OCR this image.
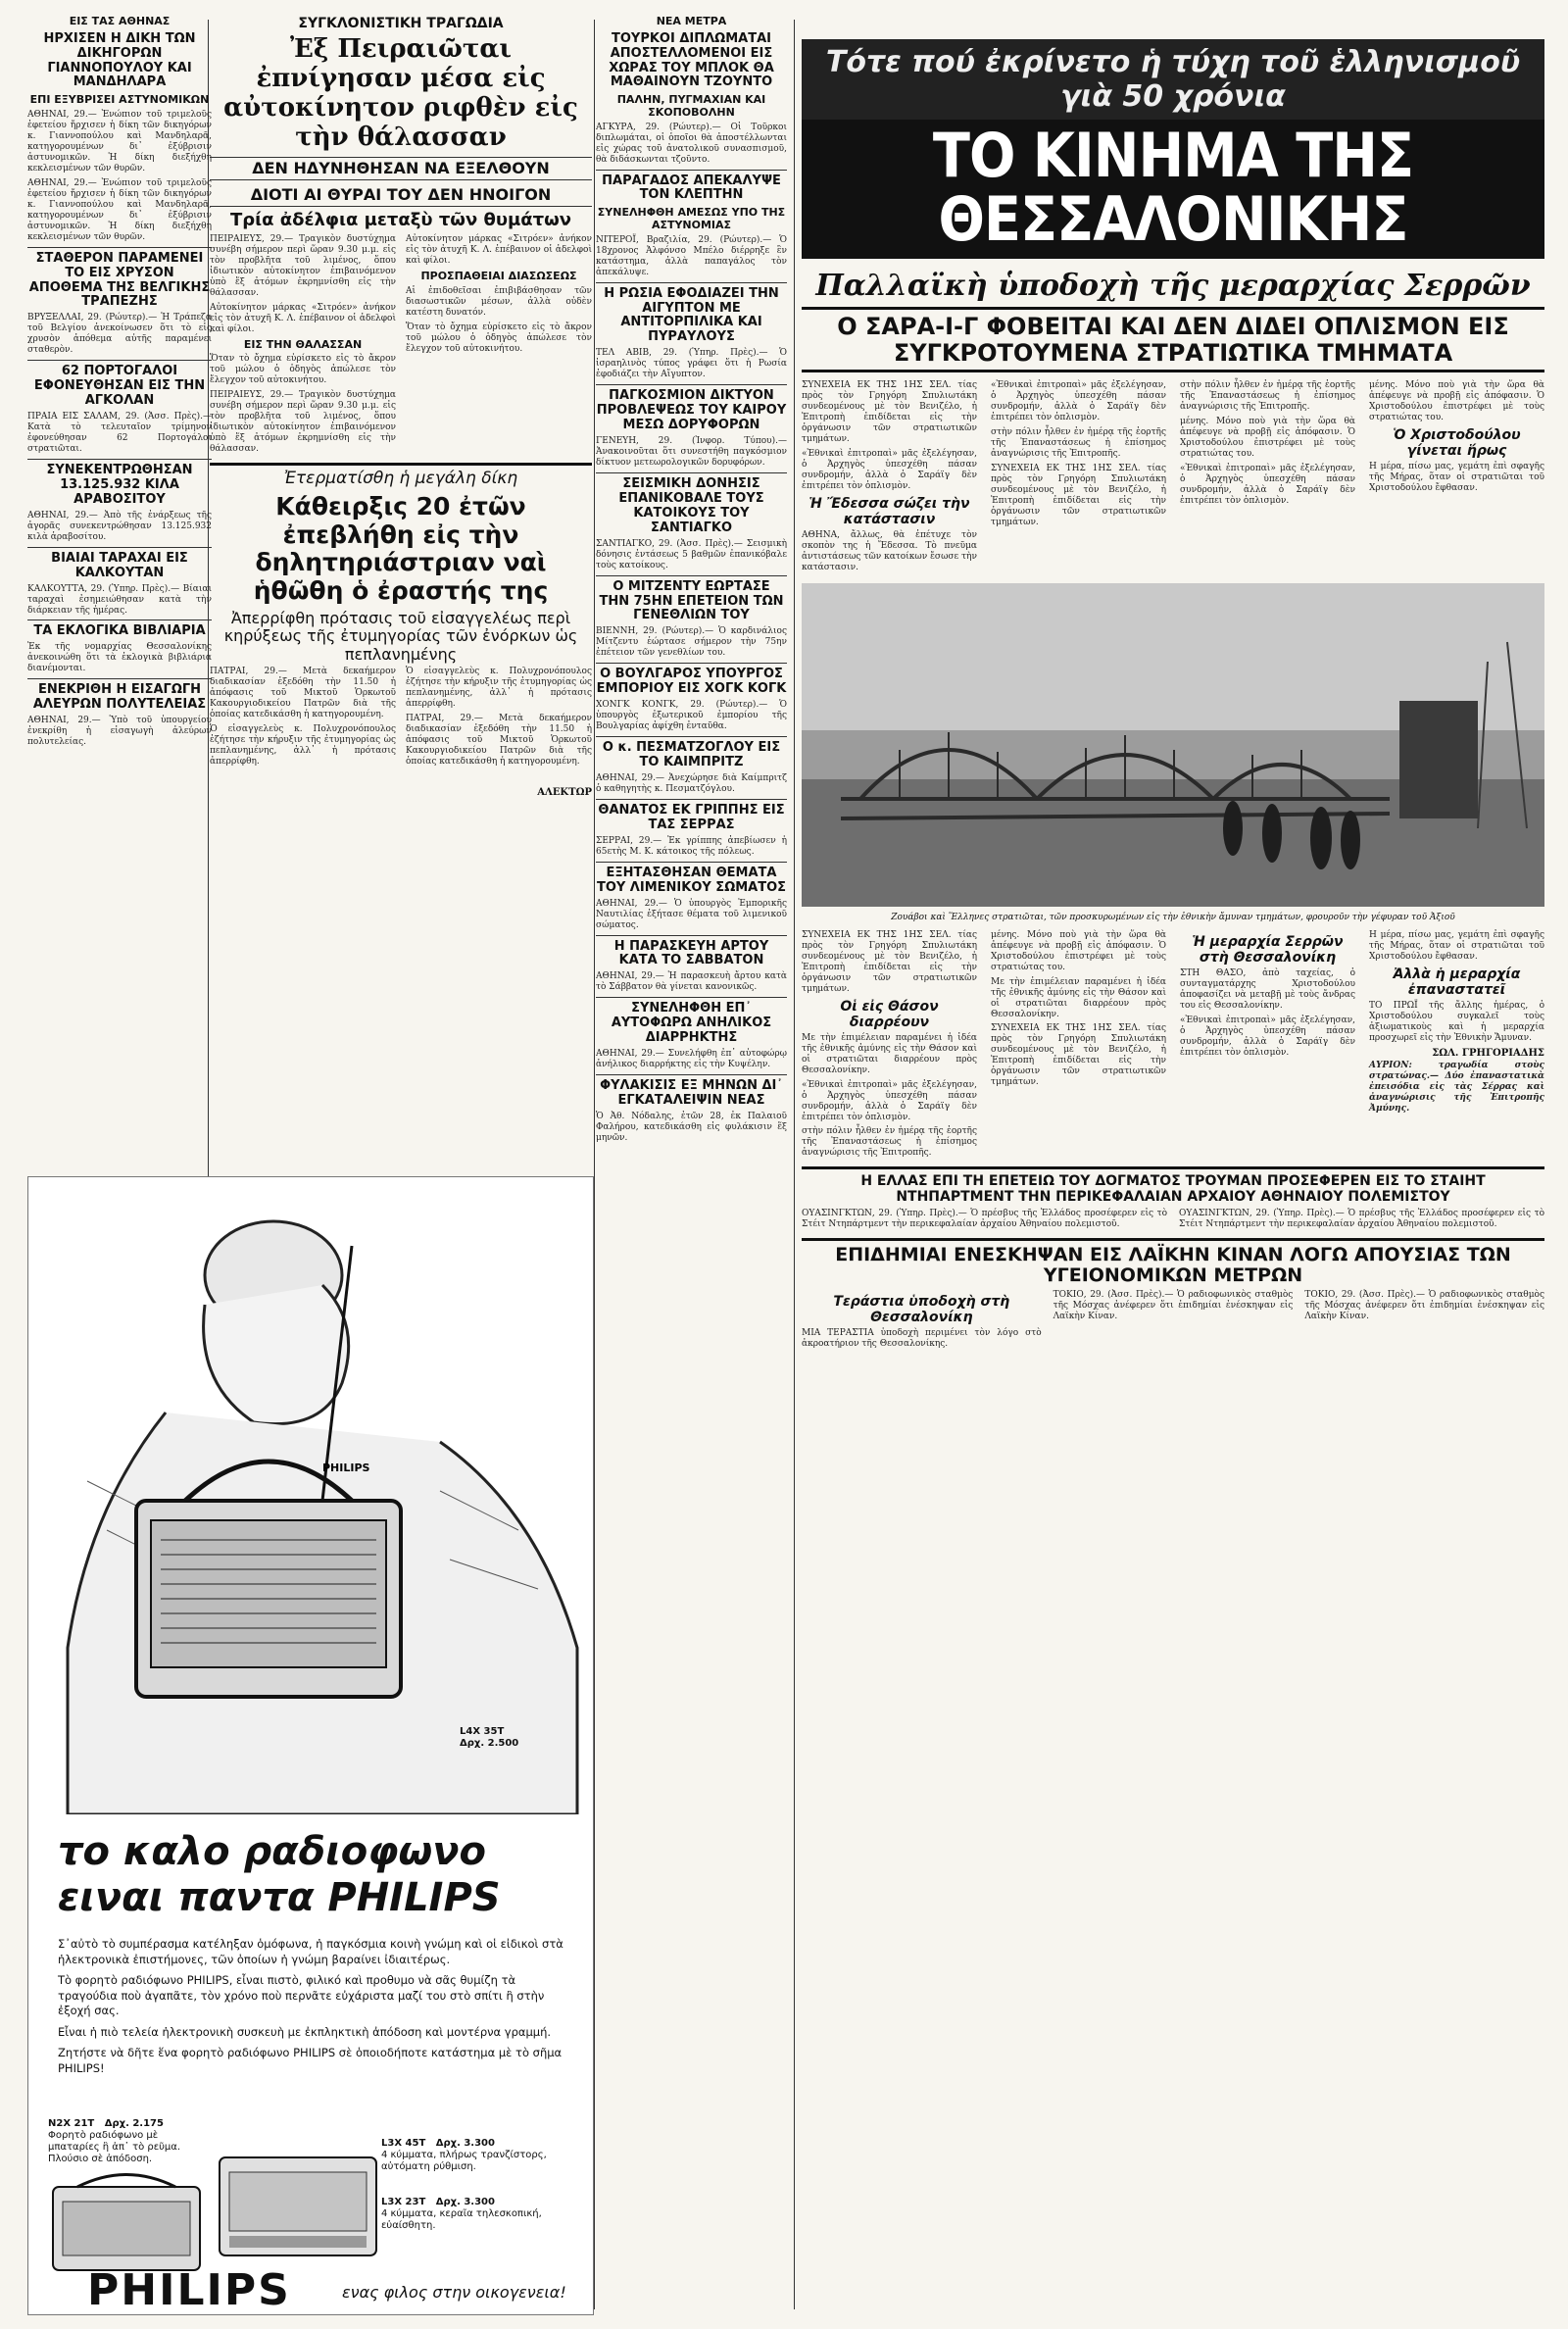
ΕΙΣ ΤΑΣ ΑΘΗΝΑΣ
ΗΡΧΙΣΕΝ Η ΔΙΚΗ ΤΩΝ ΔΙΚΗΓΟΡΩΝ ΓΙΑΝΝΟΠΟΥΛΟΥ ΚΑΙ ΜΑΝΔΗΛΑΡΑ
ΕΠΙ ΕΞΥΒΡΙΣΕΙ ΑΣΤΥΝΟΜΙΚΩΝ

ΑΘΗΝΑΙ, 29.— Ἐνώπιον τοῦ τριμελοῦς ἐφετείου ἤρχισεν ἡ δίκη τῶν δικηγόρων κ. Γιαννοπούλου καὶ Μανδηλαρᾶ, κατηγορουμένων δι᾽ ἐξύβρισιν ἀστυνομικῶν. Ἡ δίκη διεξήχθη κεκλεισμένων τῶν θυρῶν.

ΑΘΗΝΑΙ, 29.— Ἐνώπιον τοῦ τριμελοῦς ἐφετείου ἤρχισεν ἡ δίκη τῶν δικηγόρων κ. Γιαννοπούλου καὶ Μανδηλαρᾶ, κατηγορουμένων δι᾽ ἐξύβρισιν ἀστυνομικῶν. Ἡ δίκη διεξήχθη κεκλεισμένων τῶν θυρῶν.

ΣΤΑΘΕΡΟΝ ΠΑΡΑΜΕΝΕΙ ΤΟ ΕΙΣ ΧΡΥΣΟΝ ΑΠΟΘΕΜΑ ΤΗΣ ΒΕΛΓΙΚΗΣ ΤΡΑΠΕΖΗΣ

ΒΡΥΞΕΛΛΑΙ, 29. (Ρώυτερ).— Ἡ Τράπεζα τοῦ Βελγίου ἀνεκοίνωσεν ὅτι τὸ εἰς χρυσὸν ἀπόθεμα αὐτῆς παραμένει σταθερὸν.

62 ΠΟΡΤΟΓΑΛΟΙ ΕΦΟΝΕΥΘΗΣΑΝ ΕΙΣ ΤΗΝ ΑΓΚΟΛΑΝ

ΠΡΑΙΑ ΕΙΣ ΣΑΛΑΜ, 29. (Ἀσσ. Πρὲς).— Κατὰ τὸ τελευταῖον τρίμηνον ἐφονεύθησαν 62 Πορτογάλοι στρατιῶται.

ΣΥΝΕΚΕΝΤΡΩΘΗΣΑΝ 13.125.932 ΚΙΛΑ ΑΡΑΒΟΣΙΤΟΥ

ΑΘΗΝΑΙ, 29.— Ἀπὸ τῆς ἐνάρξεως τῆς ἀγορᾶς συνεκεντρώθησαν 13.125.932 κιλὰ ἀραβοσίτου.

ΒΙΑΙΑΙ ΤΑΡΑΧΑΙ ΕΙΣ ΚΑΛΚΟΥΤΑΝ

ΚΑΛΚΟΥΤΤΑ, 29. (Ὑπηρ. Πρὲς).— Βίαιαι ταραχαὶ ἐσημειώθησαν κατὰ τὴν διάρκειαν τῆς ἡμέρας.

ΤΑ ΕΚΛΟΓΙΚΑ ΒΙΒΛΙΑΡΙΑ

Ἐκ τῆς νομαρχίας Θεσσαλονίκης ἀνεκοινώθη ὅτι τὰ ἐκλογικὰ βιβλιάρια διανέμονται.

ΕΝΕΚΡΙΘΗ Η ΕΙΣΑΓΩΓΗ ΑΛΕΥΡΩΝ ΠΟΛΥΤΕΛΕΙΑΣ

ΑΘΗΝΑΙ, 29.— Ὑπὸ τοῦ ὑπουργείου ἐνεκρίθη ἡ εἰσαγωγὴ ἀλεύρων πολυτελείας.

ΣΥΓΚΛΟΝΙΣΤΙΚΗ ΤΡΑΓΩΔΙΑ
Ἐξ Πειραιῶται ἐπνίγησαν μέσα εἰς αὐτοκίνητον ριφθὲν εἰς τὴν θάλασσαν
ΔΕΝ ΗΔΥΝΗΘΗΣΑΝ ΝΑ ΕΞΕΛΘΟΥΝ
ΔΙΟΤΙ ΑΙ ΘΥΡΑΙ ΤΟΥ ΔΕΝ ΗΝΟΙΓΟΝ
Τρία ἀδέλφια μεταξὺ τῶν θυμάτων

ΠΕΙΡΑΙΕΥΣ, 29.— Τραγικὸν δυστύχημα συνέβη σήμερον περὶ ὥραν 9.30 μ.μ. εἰς τὸν προβλῆτα τοῦ λιμένος, ὅπου ἰδιωτικὸν αὐτοκίνητον ἐπιβαινόμενον ὑπὸ ἕξ ἀτόμων ἐκρημνίσθη εἰς τὴν θάλασσαν.

Αὐτοκίνητον μάρκας «Σιτρόεν» ἀνήκον εἰς τὸν ἀτυχῆ Κ. Λ. ἐπέβαινον οἱ ἀδελφοὶ καὶ φίλοι.

ΕΙΣ ΤΗΝ ΘΑΛΑΣΣΑΝ

Ὅταν τὸ ὄχημα εὑρίσκετο εἰς τὸ ἄκρον τοῦ μώλου ὁ ὁδηγὸς ἀπώλεσε τὸν ἔλεγχον τοῦ αὐτοκινήτου.

ΠΕΙΡΑΙΕΥΣ, 29.— Τραγικὸν δυστύχημα συνέβη σήμερον περὶ ὥραν 9.30 μ.μ. εἰς τὸν προβλῆτα τοῦ λιμένος, ὅπου ἰδιωτικὸν αὐτοκίνητον ἐπιβαινόμενον ὑπὸ ἕξ ἀτόμων ἐκρημνίσθη εἰς τὴν θάλασσαν.

Αὐτοκίνητον μάρκας «Σιτρόεν» ἀνήκον εἰς τὸν ἀτυχῆ Κ. Λ. ἐπέβαινον οἱ ἀδελφοὶ καὶ φίλοι.

ΠΡΟΣΠΑΘΕΙΑΙ ΔΙΑΣΩΣΕΩΣ

Αἱ ἐπιδοθεῖσαι ἐπιβιβάσθησαν τῶν διασωστικῶν μέσων, ἀλλὰ οὐδὲν κατέστη δυνατόν.

Ὅταν τὸ ὄχημα εὑρίσκετο εἰς τὸ ἄκρον τοῦ μώλου ὁ ὁδηγὸς ἀπώλεσε τὸν ἔλεγχον τοῦ αὐτοκινήτου.

Ἐτερματίσθη ἡ μεγάλη δίκη
Κάθειρξις 20 ἐτῶν ἐπεβλήθη εἰς τὴν δηλητηριάστριαν ναὶ ἡθῶθη ὁ ἐραστής της
Ἀπερρίφθη πρότασις τοῦ εἰσαγγελέως περὶ κηρύξεως τῆς ἐτυμηγορίας τῶν ἐνόρκων ὡς πεπλανημένης

ΠΑΤΡΑΙ, 29.— Μετὰ δεκαήμερον διαδικασίαν ἐξεδόθη τὴν 11.50 ἡ ἀπόφασις τοῦ Μικτοῦ Ὁρκωτοῦ Κακουργιοδικείου Πατρῶν διὰ τῆς ὁποίας κατεδικάσθη ἡ κατηγορουμένη.

Ὁ εἰσαγγελεὺς κ. Πολυχρονόπουλος ἐζήτησε τὴν κήρυξιν τῆς ἐτυμηγορίας ὡς πεπλανημένης, ἀλλ᾽ ἡ πρότασις ἀπερρίφθη.

Ὁ εἰσαγγελεὺς κ. Πολυχρονόπουλος ἐζήτησε τὴν κήρυξιν τῆς ἐτυμηγορίας ὡς πεπλανημένης, ἀλλ᾽ ἡ πρότασις ἀπερρίφθη.

ΠΑΤΡΑΙ, 29.— Μετὰ δεκαήμερον διαδικασίαν ἐξεδόθη τὴν 11.50 ἡ ἀπόφασις τοῦ Μικτοῦ Ὁρκωτοῦ Κακουργιοδικείου Πατρῶν διὰ τῆς ὁποίας κατεδικάσθη ἡ κατηγορουμένη.

ΑΛΕΚΤΩΡ
ΝΕΑ ΜΕΤΡΑ
ΤΟΥΡΚΟΙ ΔΙΠΛΩΜΑΤΑΙ ΑΠΟΣΤΕΛΛΟΜΕΝΟΙ ΕΙΣ ΧΩΡΑΣ ΤΟΥ ΜΠΛΟΚ ΘΑ ΜΑΘΑΙΝΟΥΝ ΤΖΟΥΝΤΟ
ΠΑΛΗΝ, ΠΥΓΜΑΧΙΑΝ ΚΑΙ ΣΚΟΠΟΒΟΛΗΝ

ΑΓΚΥΡΑ, 29. (Ρώυτερ).— Οἱ Τοῦρκοι διπλωμάται, οἱ ὁποῖοι θὰ ἀποστέλλωνται εἰς χώρας τοῦ ἀνατολικοῦ συνασπισμοῦ, θὰ διδάσκωνται τζοῦντο.

ΠΑΡΑΓΑΔΟΣ ΑΠΕΚΑΛΥΨΕ ΤΟΝ ΚΛΕΠΤΗΝ
ΣΥΝΕΛΗΦΘΗ ΑΜΕΣΩΣ ΥΠΟ ΤΗΣ ΑΣΤΥΝΟΜΙΑΣ

ΝΙΤΕΡΟΪ, Βραζιλία, 29. (Ρώυτερ).— Ὁ 18χρονος Ἀλφόνσο Μπέλο διέρρηξε ἓν κατάστημα, ἀλλὰ παπαγάλος τὸν ἀπεκάλυψε.

Η ΡΩΣΙΑ ΕΦΟΔΙΑΖΕΙ ΤΗΝ ΑΙΓΥΠΤΟΝ ΜΕ ΑΝΤΙΤΟΡΠΙΛΙΚΑ ΚΑΙ ΠΥΡΑΥΛΟΥΣ

ΤΕΛ ΑΒΙΒ, 29. (Ὑπηρ. Πρὲς).— Ὁ ἰσραηλινὸς τύπος γράφει ὅτι ἡ Ρωσία ἐφοδιάζει τὴν Αἴγυπτον.

ΠΑΓΚΟΣΜΙΟΝ ΔΙΚΤΥΟΝ ΠΡΟΒΛΕΨΕΩΣ ΤΟΥ ΚΑΙΡΟΥ ΜΕΣΩ ΔΟΡΥΦΟΡΩΝ

ΓΕΝΕΥΗ, 29. (Ἰνφορ. Τύπου).— Ἀνακοινοῦται ὅτι συνεστήθη παγκόσμιον δίκτυον μετεωρολογικῶν δορυφόρων.

ΣΕΙΣΜΙΚΗ ΔΟΝΗΣΙΣ ΕΠΑΝΙΚΟΒΑΛΕ ΤΟΥΣ ΚΑΤΟΙΚΟΥΣ ΤΟΥ ΣΑΝΤΙΑΓΚΟ

ΣΑΝΤΙΑΓΚΟ, 29. (Ἀσσ. Πρὲς).— Σεισμικὴ δόνησις ἐντάσεως 5 βαθμῶν ἐπανικόβαλε τοὺς κατοίκους.

Ο ΜΙΤΖΕΝΤΥ ΕΩΡΤΑΣΕ ΤΗΝ 75ΗΝ ΕΠΕΤΕΙΟΝ ΤΩΝ ΓΕΝΕΘΛΙΩΝ ΤΟΥ

ΒΙΕΝΝΗ, 29. (Ρώυτερ).— Ὁ καρδινάλιος Μίτζεντυ ἑώρτασε σήμερον τὴν 75ην ἐπέτειον τῶν γενεθλίων του.

Ο ΒΟΥΛΓΑΡΟΣ ΥΠΟΥΡΓΟΣ ΕΜΠΟΡΙΟΥ ΕΙΣ ΧΟΓΚ ΚΟΓΚ

ΧΟΝΓΚ ΚΟΝΓΚ, 29. (Ρώυτερ).— Ὁ ὑπουργὸς ἐξωτερικοῦ ἐμπορίου τῆς Βουλγαρίας ἀφίχθη ἐνταῦθα.

Ο κ. ΠΕΣΜΑΤΖΟΓΛΟΥ ΕΙΣ ΤΟ ΚΑΙΜΠΡΙΤΖ

ΑΘΗΝΑΙ, 29.— Ἀνεχώρησε διὰ Καίμπριτζ ὁ καθηγητὴς κ. Πεσματζόγλου.

ΘΑΝΑΤΟΣ ΕΚ ΓΡΙΠΠΗΣ ΕΙΣ ΤΑΣ ΣΕΡΡΑΣ

ΣΕΡΡΑΙ, 29.— Ἐκ γρίππης ἀπεβίωσεν ἡ 65ετὴς Μ. Κ. κάτοικος τῆς πόλεως.

ΕΞΗΤΑΣΘΗΣΑΝ ΘΕΜΑΤΑ ΤΟΥ ΛΙΜΕΝΙΚΟΥ ΣΩΜΑΤΟΣ

ΑΘΗΝΑΙ, 29.— Ὁ ὑπουργὸς Ἐμπορικῆς Ναυτιλίας ἐξήτασε θέματα τοῦ λιμενικοῦ σώματος.

Η ΠΑΡΑΣΚΕΥΗ ΑΡΤΟΥ ΚΑΤΑ ΤΟ ΣΑΒΒΑΤΟΝ

ΑΘΗΝΑΙ, 29.— Ἡ παρασκευὴ ἄρτου κατὰ τὸ Σάββατον θὰ γίνεται κανονικῶς.

ΣΥΝΕΛΗΦΘΗ ΕΠ᾽ ΑΥΤΟΦΩΡΩ ΑΝΗΛΙΚΟΣ ΔΙΑΡΡΗΚΤΗΣ

ΑΘΗΝΑΙ, 29.— Συνελήφθη ἐπ᾽ αὐτοφώρῳ ἀνήλικος διαρρήκτης εἰς τὴν Κυψέλην.

ΦΥΛΑΚΙΣΙΣ ΕΞ ΜΗΝΩΝ ΔΙ᾽ ΕΓΚΑΤΑΛΕΙΨΙΝ ΝΕΑΣ

Ὁ Ἀθ. Νόδαλης, ἐτῶν 28, ἐκ Παλαιοῦ Φαλήρου, κατεδικάσθη εἰς φυλάκισιν ἕξ μηνῶν.

Τότε πού ἐκρίνετο ἡ τύχη τοῦ ἑλληνισμοῦ γιὰ 50 χρόνια
ΤΟ ΚΙΝΗΜΑ ΤΗΣ ΘΕΣΣΑΛΟΝΙΚΗΣ
Παλλαϊκὴ ὑποδοχὴ τῆς μεραρχίας Σερρῶν
Ο ΣΑΡΑ-Ι-Γ ΦΟΒΕΙΤΑΙ ΚΑΙ ΔΕΝ ΔΙΔΕΙ ΟΠΛΙΣΜΟΝ ΕΙΣ ΣΥΓΚΡΟΤΟΥΜΕΝΑ ΣΤΡΑΤΙΩΤΙΚΑ ΤΜΗΜΑΤΑ

ΣΥΝΕΧΕΙΑ ΕΚ ΤΗΣ 1ΗΣ ΣΕΛ. τίας πρὸς τὸν Γρηγόρη Σπυλιωτάκη συνδεομένους μὲ τὸν Βενιζέλο, ἡ Ἐπιτροπὴ ἐπιδίδεται εἰς τὴν ὀργάνωσιν τῶν στρατιωτικῶν τμημάτων.

«Ἐθνικαὶ ἐπιτροπαὶ» μᾶς ἐξελέγησαν, ὁ Ἀρχηγὸς ὑπεσχέθη πάσαν συνδρομήν, ἀλλὰ ὁ Σαράϊγ δὲν ἐπιτρέπει τὸν ὁπλισμὸν.

Ἡ Ἔδεσσα σώζει τὴν κατάστασιν

ΑΘΗΝΑ, ἄλλως, θὰ ἐπέτυχε τὸν σκοπὸν της ἡ Ἔδεσσα. Τὸ πνεῦμα ἀντιστάσεως τῶν κατοίκων ἔσωσε τὴν κατάστασιν.

«Ἐθνικαὶ ἐπιτροπαὶ» μᾶς ἐξελέγησαν, ὁ Ἀρχηγὸς ὑπεσχέθη πάσαν συνδρομήν, ἀλλὰ ὁ Σαράϊγ δὲν ἐπιτρέπει τὸν ὁπλισμὸν.

στὴν πόλιν ἦλθεν ἐν ἡμέρᾳ τῆς ἑορτῆς τῆς Ἐπαναστάσεως ἡ ἐπίσημος ἀναγνώρισις τῆς Ἐπιτροπῆς.

ΣΥΝΕΧΕΙΑ ΕΚ ΤΗΣ 1ΗΣ ΣΕΛ. τίας πρὸς τὸν Γρηγόρη Σπυλιωτάκη συνδεομένους μὲ τὸν Βενιζέλο, ἡ Ἐπιτροπὴ ἐπιδίδεται εἰς τὴν ὀργάνωσιν τῶν στρατιωτικῶν τμημάτων.

στὴν πόλιν ἦλθεν ἐν ἡμέρᾳ τῆς ἑορτῆς τῆς Ἐπαναστάσεως ἡ ἐπίσημος ἀναγνώρισις τῆς Ἐπιτροπῆς.

μένης. Μόνο ποὺ γιὰ τὴν ὥρα θὰ ἀπέφευγε νὰ προβῇ εἰς ἀπόφασιν. Ὁ Χριστοδούλου ἐπιστρέφει μὲ τοὺς στρατιώτας του.

«Ἐθνικαὶ ἐπιτροπαὶ» μᾶς ἐξελέγησαν, ὁ Ἀρχηγὸς ὑπεσχέθη πάσαν συνδρομήν, ἀλλὰ ὁ Σαράϊγ δὲν ἐπιτρέπει τὸν ὁπλισμὸν.

μένης. Μόνο ποὺ γιὰ τὴν ὥρα θὰ ἀπέφευγε νὰ προβῇ εἰς ἀπόφασιν. Ὁ Χριστοδούλου ἐπιστρέφει μὲ τοὺς στρατιώτας του.

Ὁ Χριστοδούλου γίνεται ἥρως

Η μέρα, πίσω μας, γεμάτη ἐπὶ σφαγῆς τῆς Μήρας, ὅταν οἱ στρατιῶται τοῦ Χριστοδούλου ἔφθασαν.

Ζουάβοι καὶ Ἕλληνες στρατιῶται, τῶν προσκυρωμένων εἰς τὴν ἐθνικὴν ἄμυναν τμημάτων, φρουροῦν τὴν γέφυραν τοῦ Ἀξιοῦ

ΣΥΝΕΧΕΙΑ ΕΚ ΤΗΣ 1ΗΣ ΣΕΛ. τίας πρὸς τὸν Γρηγόρη Σπυλιωτάκη συνδεομένους μὲ τὸν Βενιζέλο, ἡ Ἐπιτροπὴ ἐπιδίδεται εἰς τὴν ὀργάνωσιν τῶν στρατιωτικῶν τμημάτων.

Οἱ εἰς Θάσον διαρρέουν

Με τὴν ἐπιμέλειαν παραμένει ἡ ἰδέα τῆς ἐθνικῆς ἀμύνης εἰς τὴν Θάσον καὶ οἱ στρατιῶται διαρρέουν πρὸς Θεσσαλονίκην.

«Ἐθνικαὶ ἐπιτροπαὶ» μᾶς ἐξελέγησαν, ὁ Ἀρχηγὸς ὑπεσχέθη πάσαν συνδρομήν, ἀλλὰ ὁ Σαράϊγ δὲν ἐπιτρέπει τὸν ὁπλισμὸν.

στὴν πόλιν ἦλθεν ἐν ἡμέρᾳ τῆς ἑορτῆς τῆς Ἐπαναστάσεως ἡ ἐπίσημος ἀναγνώρισις τῆς Ἐπιτροπῆς.

μένης. Μόνο ποὺ γιὰ τὴν ὥρα θὰ ἀπέφευγε νὰ προβῇ εἰς ἀπόφασιν. Ὁ Χριστοδούλου ἐπιστρέφει μὲ τοὺς στρατιώτας του.

Με τὴν ἐπιμέλειαν παραμένει ἡ ἰδέα τῆς ἐθνικῆς ἀμύνης εἰς τὴν Θάσον καὶ οἱ στρατιῶται διαρρέουν πρὸς Θεσσαλονίκην.

ΣΥΝΕΧΕΙΑ ΕΚ ΤΗΣ 1ΗΣ ΣΕΛ. τίας πρὸς τὸν Γρηγόρη Σπυλιωτάκη συνδεομένους μὲ τὸν Βενιζέλο, ἡ Ἐπιτροπὴ ἐπιδίδεται εἰς τὴν ὀργάνωσιν τῶν στρατιωτικῶν τμημάτων.

Ἡ μεραρχία Σερρῶν στὴ Θεσσαλονίκη

ΣΤΗ ΘΑΣΟ, ἀπὸ ταχείας, ὁ συνταγματάρχης Χριστοδούλου ἀποφασίζει νὰ μεταβῇ μὲ τοὺς ἄνδρας του εἰς Θεσσαλονίκην.

«Ἐθνικαὶ ἐπιτροπαὶ» μᾶς ἐξελέγησαν, ὁ Ἀρχηγὸς ὑπεσχέθη πάσαν συνδρομήν, ἀλλὰ ὁ Σαράϊγ δὲν ἐπιτρέπει τὸν ὁπλισμὸν.

Η μέρα, πίσω μας, γεμάτη ἐπὶ σφαγῆς τῆς Μήρας, ὅταν οἱ στρατιῶται τοῦ Χριστοδούλου ἔφθασαν.

Ἀλλὰ ἡ μεραρχία ἐπαναστατεῖ

ΤΟ ΠΡΩΪ τῆς ἄλλης ἡμέρας, ὁ Χριστοδούλου συγκαλεῖ τοὺς ἀξιωματικοὺς καὶ ἡ μεραρχία προσχωρεῖ εἰς τὴν Ἐθνικὴν Ἄμυναν.

ΣΩΛ. ΓΡΗΓΟΡΙΑΔΗΣ

ΑΥΡΙΟΝ: τραγωδία στοὺς στρατώνας.— Δύο ἐπαναστατικὰ ἐπεισόδια εἰς τὰς Σέρρας καὶ ἀναγνώρισις τῆς Ἐπιτροπῆς Ἀμύνης.

Η ΕΛΛΑΣ ΕΠΙ ΤΗ ΕΠΕΤΕΙΩ ΤΟΥ ΔΟΓΜΑΤΟΣ ΤΡΟΥΜΑΝ ΠΡΟΣΕΦΕΡΕΝ ΕΙΣ ΤΟ ΣΤΑΙΗΤ ΝΤΗΠΑΡΤΜΕΝΤ ΤΗΝ ΠΕΡΙΚΕΦΑΛΑΙΑΝ ΑΡΧΑΙΟΥ ΑΘΗΝΑΙΟΥ ΠΟΛΕΜΙΣΤΟΥ

ΟΥΑΣΙΝΓΚΤΩΝ, 29. (Ὑπηρ. Πρὲς).— Ὁ πρέσβυς τῆς Ἑλλάδος προσέφερεν εἰς τὸ Στέιτ Ντηπάρτμεντ τὴν περικεφαλαίαν ἀρχαίου Ἀθηναίου πολεμιστοῦ.

ΟΥΑΣΙΝΓΚΤΩΝ, 29. (Ὑπηρ. Πρὲς).— Ὁ πρέσβυς τῆς Ἑλλάδος προσέφερεν εἰς τὸ Στέιτ Ντηπάρτμεντ τὴν περικεφαλαίαν ἀρχαίου Ἀθηναίου πολεμιστοῦ.

ΕΠΙΔΗΜΙΑΙ ΕΝΕΣΚΗΨΑΝ ΕΙΣ ΛΑΪΚΗΝ ΚΙΝΑΝ ΛΟΓΩ ΑΠΟΥΣΙΑΣ ΤΩΝ ΥΓΕΙΟΝΟΜΙΚΩΝ ΜΕΤΡΩΝ
Τεράστια ὑποδοχὴ στὴ Θεσσαλονίκη

ΜΙΑ ΤΕΡΑΣΤΙΑ ὑποδοχὴ περιμένει τὸν λόγο στὸ ἀκροατήριον τῆς Θεσσαλονίκης.

ΤΟΚΙΟ, 29. (Ἀσσ. Πρὲς).— Ὁ ραδιοφωνικὸς σταθμὸς τῆς Μόσχας ἀνέφερεν ὅτι ἐπιδημίαι ἐνέσκηψαν εἰς Λαϊκὴν Κίναν.

ΤΟΚΙΟ, 29. (Ἀσσ. Πρὲς).— Ὁ ραδιοφωνικὸς σταθμὸς τῆς Μόσχας ἀνέφερεν ὅτι ἐπιδημίαι ἐνέσκηψαν εἰς Λαϊκὴν Κίναν.

PHILIPS
L4X 35T
Δρχ. 2.500
το καλο ραδιοφωνο
ειναι παντα PHILIPS

Σ᾽αὐτὸ τὸ συμπέρασμα κατέληξαν ὁμόφωνα, ἡ παγκόσμια κοινὴ γνώμη καὶ οἱ εἰδικοὶ στὰ ἠλεκτρονικὰ ἐπιστήμονες, τῶν ὁποίων ἡ γνώμη βαραίνει ἰδιαιτέρως.

Τὸ φορητὸ ραδιόφωνο PHILIPS, εἶναι πιστὸ, φιλικό καὶ προθυμο νὰ σᾶς θυμίζη τὰ τραγούδια ποὺ ἀγαπᾶτε, τὸν χρόνο ποὺ περνᾶτε εὐχάριστα μαζί του στὸ σπίτι ἢ στὴν ἐξοχή σας.

Εἶναι ἡ πιὸ τελεία ἠλεκτρονικὴ συσκευὴ με ἐκπληκτικὴ ἀπόδοση καὶ μοντέρνα γραμμή.

Ζητήστε νὰ δῆτε ἕνα φορητὸ ραδιόφωνο PHILIPS σὲ ὁποιοδήποτε κατάστημα μὲ τὸ σῆμα PHILIPS!

N2X 21T Δρχ. 2.175
Φορητὸ ραδιόφωνο μὲ μπαταρίες ἢ ἀπ᾽ τὸ ρεῦμα. Πλούσιο σὲ ἀπόδοση.
L3X 45T Δρχ. 3.300
4 κύμματα, πλήρως τρανζίστορς, αὐτόματη ρύθμιση.
L3X 23T Δρχ. 3.300
4 κύμματα, κεραῖα τηλεσκοπική, εὐαίσθητη.
PHILIPS	ενας φιλος στην οικογενεια!
